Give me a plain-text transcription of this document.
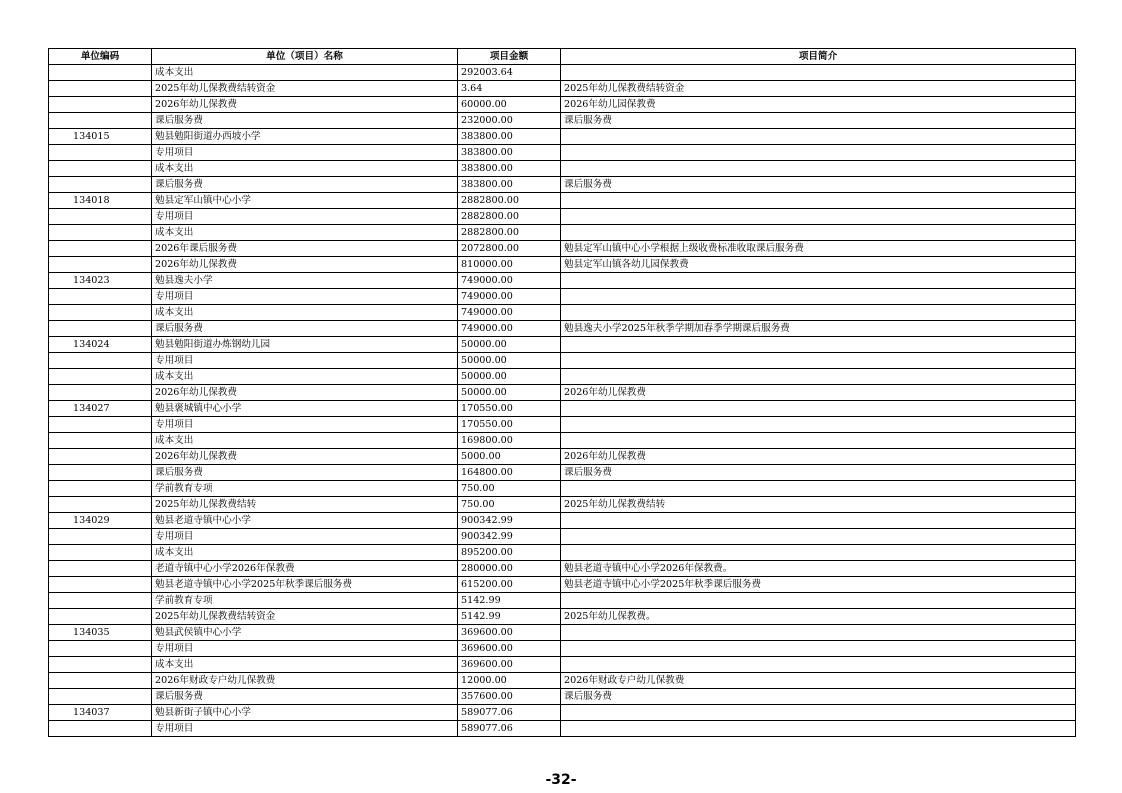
单位编码	单位（项目）名称	项目金额	项目简介
	成本支出	292003.64	
	2025年幼儿保教费结转资金	3.64	2025年幼儿保教费结转资金
	2026年幼儿保教费	60000.00	2026年幼儿园保教费
	课后服务费	232000.00	课后服务费
134015	勉县勉阳街道办西坡小学	383800.00	
	专用项目	383800.00	
	成本支出	383800.00	
	课后服务费	383800.00	课后服务费
134018	勉县定军山镇中心小学	2882800.00	
	专用项目	2882800.00	
	成本支出	2882800.00	
	2026年课后服务费	2072800.00	勉县定军山镇中心小学根据上级收费标准收取课后服务费
	2026年幼儿保教费	810000.00	勉县定军山镇各幼儿园保教费
134023	勉县逸夫小学	749000.00	
	专用项目	749000.00	
	成本支出	749000.00	
	课后服务费	749000.00	勉县逸夫小学2025年秋季学期加春季学期课后服务费
134024	勉县勉阳街道办炼钢幼儿园	50000.00	
	专用项目	50000.00	
	成本支出	50000.00	
	2026年幼儿保教费	50000.00	2026年幼儿保教费
134027	勉县褒城镇中心小学	170550.00	
	专用项目	170550.00	
	成本支出	169800.00	
	2026年幼儿保教费	5000.00	2026年幼儿保教费
	课后服务费	164800.00	课后服务费
	学前教育专项	750.00	
	2025年幼儿保教费结转	750.00	2025年幼儿保教费结转
134029	勉县老道寺镇中心小学	900342.99	
	专用项目	900342.99	
	成本支出	895200.00	
	老道寺镇中心小学2026年保教费	280000.00	勉县老道寺镇中心小学2026年保教费。
	勉县老道寺镇中心小学2025年秋季课后服务费	615200.00	勉县老道寺镇中心小学2025年秋季课后服务费
	学前教育专项	5142.99	
	2025年幼儿保教费结转资金	5142.99	2025年幼儿保教费。
134035	勉县武侯镇中心小学	369600.00	
	专用项目	369600.00	
	成本支出	369600.00	
	2026年财政专户幼儿保教费	12000.00	2026年财政专户幼儿保教费
	课后服务费	357600.00	课后服务费
134037	勉县新街子镇中心小学	589077.06	
	专用项目	589077.06	
-32-
